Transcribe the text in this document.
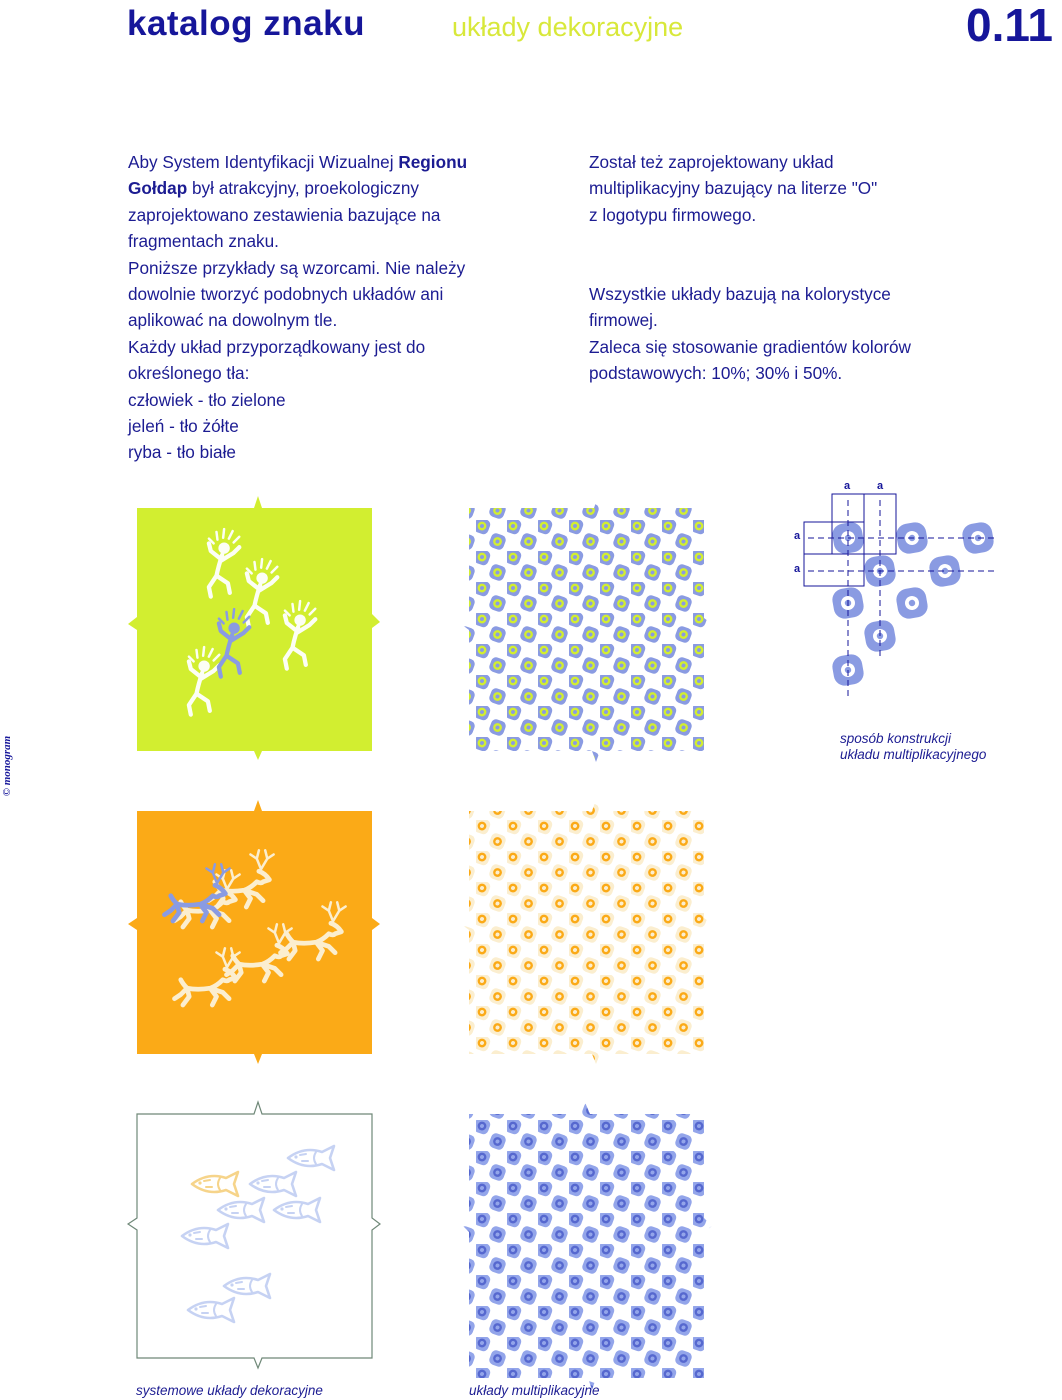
katalog znaku	układy dekoracyjne	0.11

Aby System Identyfikacji Wizualnej Regionu

Gołdap był atrakcyjny, proekologiczny

zaprojektowano zestawienia bazujące na

fragmentach znaku.

Poniższe przykłady są wzorcami. Nie należy

dowolnie tworzyć podobnych układów ani

aplikować na dowolnym tle.

Każdy układ przyporządkowany jest do

określonego tła:

człowiek - tło zielone

jeleń - tło żółte

ryba - tło białe

Został też zaprojektowany układ

multiplikacyjny bazujący na literze "O"

z logotypu firmowego.

Wszystkie układy bazują na kolorystyce

firmowej.

Zaleca się stosowanie gradientów kolorów

podstawowych: 10%; 30% i 50%.

© monogram
a a
a
a
sposób konstrukcji
układu multiplikacyjnego
systemowe układy dekoracyjne	układy multiplikacyjne
